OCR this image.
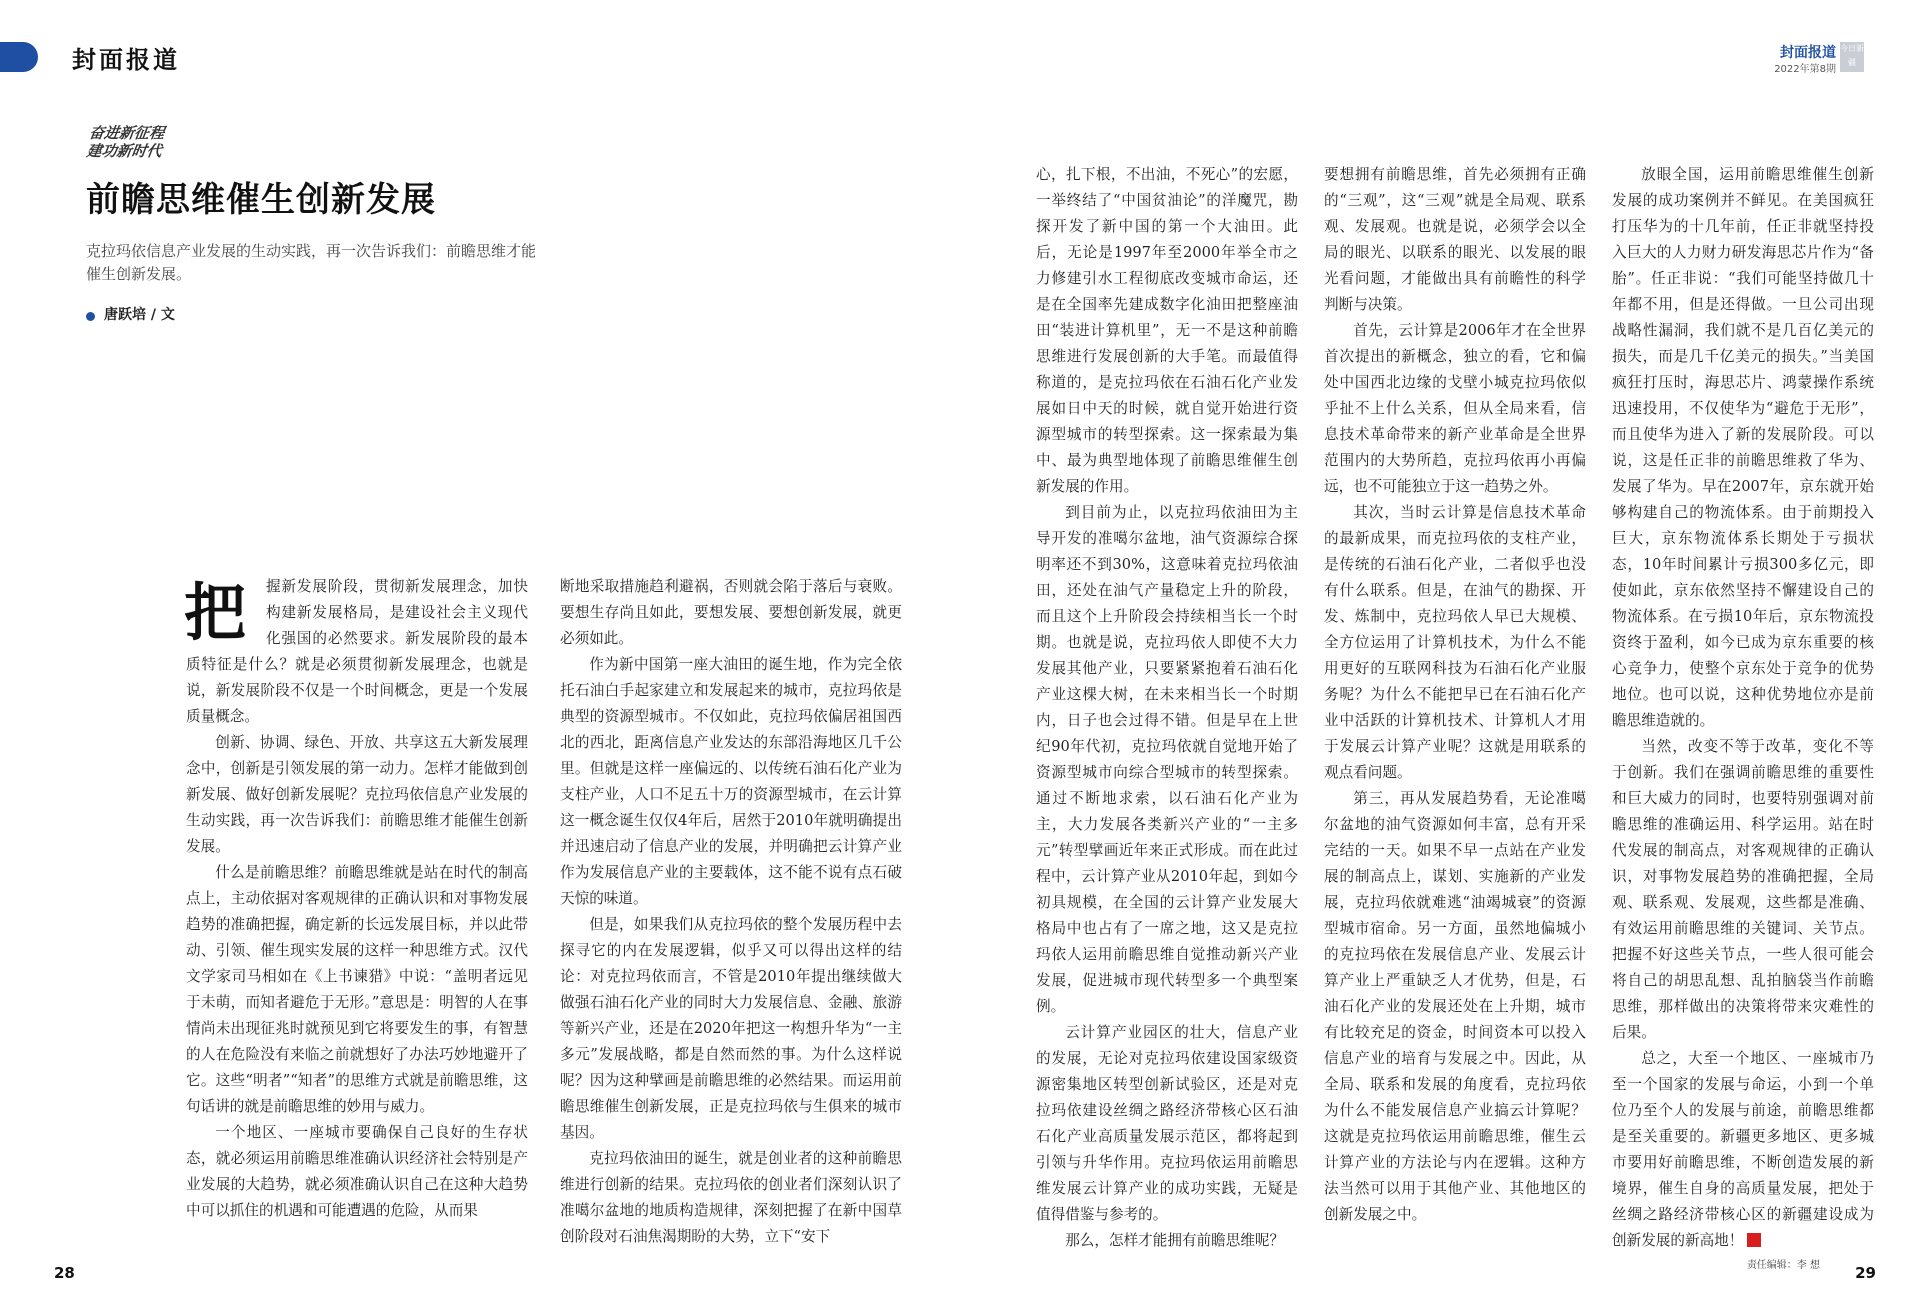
封面报道	封面报道
2022年第8期
今日新疆
奋进新征程
建功新时代
前瞻思维催生创新发展
克拉玛依信息产业发展的生动实践，再一次告诉我们：前瞻思维才能催生创新发展。
唐跃培 / 文
把	握新发展阶段，贯彻新发展理念，加快构建新发展格局，是建设社会主义现代化强国的必然要求。新发展阶段的最本质特征是什么？就是必须贯彻新发展理念，也就是说，新发展阶段不仅是一个时间概念，更是一个发展质量概念。

创新、协调、绿色、开放、共享这五大新发展理念中，创新是引领发展的第一动力。怎样才能做到创新发展、做好创新发展呢？克拉玛依信息产业发展的生动实践，再一次告诉我们：前瞻思维才能催生创新发展。

什么是前瞻思维？前瞻思维就是站在时代的制高点上，主动依据对客观规律的正确认识和对事物发展趋势的准确把握，确定新的长远发展目标，并以此带动、引领、催生现实发展的这样一种思维方式。汉代文学家司马相如在《上书谏猎》中说：“盖明者远见于未萌，而知者避危于无形。”意思是：明智的人在事情尚未出现征兆时就预见到它将要发生的事，有智慧的人在危险没有来临之前就想好了办法巧妙地避开了它。这些“明者”“知者”的思维方式就是前瞻思维，这句话讲的就是前瞻思维的妙用与威力。

一个地区、一座城市要确保自己良好的生存状态，就必须运用前瞻思维准确认识经济社会特别是产业发展的大趋势，就必须准确认识自己在这种大趋势中可以抓住的机遇和可能遭遇的危险，从而果

断地采取措施趋利避祸，否则就会陷于落后与衰败。要想生存尚且如此，要想发展、要想创新发展，就更必须如此。

作为新中国第一座大油田的诞生地，作为完全依托石油白手起家建立和发展起来的城市，克拉玛依是典型的资源型城市。不仅如此，克拉玛依偏居祖国西北的西北，距离信息产业发达的东部沿海地区几千公里。但就是这样一座偏远的、以传统石油石化产业为支柱产业，人口不足五十万的资源型城市，在云计算这一概念诞生仅仅4年后，居然于2010年就明确提出并迅速启动了信息产业的发展，并明确把云计算产业作为发展信息产业的主要载体，这不能不说有点石破天惊的味道。

但是，如果我们从克拉玛依的整个发展历程中去探寻它的内在发展逻辑，似乎又可以得出这样的结论：对克拉玛依而言，不管是2010年提出继续做大做强石油石化产业的同时大力发展信息、金融、旅游等新兴产业，还是在2020年把这一构想升华为“一主多元”发展战略，都是自然而然的事。为什么这样说呢？因为这种擘画是前瞻思维的必然结果。而运用前瞻思维催生创新发展，正是克拉玛依与生俱来的城市基因。

克拉玛依油田的诞生，就是创业者的这种前瞻思维进行创新的结果。克拉玛依的创业者们深刻认识了准噶尔盆地的地质构造规律，深刻把握了在新中国草创阶段对石油焦渴期盼的大势，立下“安下

心，扎下根，不出油，不死心”的宏愿，一举终结了“中国贫油论”的洋魔咒，勘探开发了新中国的第一个大油田。此后，无论是1997年至2000年举全市之力修建引水工程彻底改变城市命运，还是在全国率先建成数字化油田把整座油田“装进计算机里”，无一不是这种前瞻思维进行发展创新的大手笔。而最值得称道的，是克拉玛依在石油石化产业发展如日中天的时候，就自觉开始进行资源型城市的转型探索。这一探索最为集中、最为典型地体现了前瞻思维催生创新发展的作用。

到目前为止，以克拉玛依油田为主导开发的准噶尔盆地，油气资源综合探明率还不到30%，这意味着克拉玛依油田，还处在油气产量稳定上升的阶段，而且这个上升阶段会持续相当长一个时期。也就是说，克拉玛依人即使不大力发展其他产业，只要紧紧抱着石油石化产业这棵大树，在未来相当长一个时期内，日子也会过得不错。但是早在上世纪90年代初，克拉玛依就自觉地开始了资源型城市向综合型城市的转型探索。通过不断地求索，以石油石化产业为主，大力发展各类新兴产业的“一主多元”转型擘画近年来正式形成。而在此过程中，云计算产业从2010年起，到如今初具规模，在全国的云计算产业发展大格局中也占有了一席之地，这又是克拉玛依人运用前瞻思维自觉推动新兴产业发展，促进城市现代转型多一个典型案例。

云计算产业园区的壮大，信息产业的发展，无论对克拉玛依建设国家级资源密集地区转型创新试验区，还是对克拉玛依建设丝绸之路经济带核心区石油石化产业高质量发展示范区，都将起到引领与升华作用。克拉玛依运用前瞻思维发展云计算产业的成功实践，无疑是值得借鉴与参考的。

那么，怎样才能拥有前瞻思维呢？

要想拥有前瞻思维，首先必须拥有正确的“三观”，这“三观”就是全局观、联系观、发展观。也就是说，必须学会以全局的眼光、以联系的眼光、以发展的眼光看问题，才能做出具有前瞻性的科学判断与决策。

首先，云计算是2006年才在全世界首次提出的新概念，独立的看，它和偏处中国西北边缘的戈壁小城克拉玛依似乎扯不上什么关系，但从全局来看，信息技术革命带来的新产业革命是全世界范围内的大势所趋，克拉玛依再小再偏远，也不可能独立于这一趋势之外。

其次，当时云计算是信息技术革命的最新成果，而克拉玛依的支柱产业，是传统的石油石化产业，二者似乎也没有什么联系。但是，在油气的勘探、开发、炼制中，克拉玛依人早已大规模、全方位运用了计算机技术，为什么不能用更好的互联网科技为石油石化产业服务呢？为什么不能把早已在石油石化产业中活跃的计算机技术、计算机人才用于发展云计算产业呢？这就是用联系的观点看问题。

第三，再从发展趋势看，无论准噶尔盆地的油气资源如何丰富，总有开采完结的一天。如果不早一点站在产业发展的制高点上，谋划、实施新的产业发展，克拉玛依就难逃“油竭城衰”的资源型城市宿命。另一方面，虽然地偏城小的克拉玛依在发展信息产业、发展云计算产业上严重缺乏人才优势，但是，石油石化产业的发展还处在上升期，城市有比较充足的资金，时间资本可以投入信息产业的培育与发展之中。因此，从全局、联系和发展的角度看，克拉玛依为什么不能发展信息产业搞云计算呢？这就是克拉玛依运用前瞻思维，催生云计算产业的方法论与内在逻辑。这种方法当然可以用于其他产业、其他地区的创新发展之中。

放眼全国，运用前瞻思维催生创新发展的成功案例并不鲜见。在美国疯狂打压华为的十几年前，任正非就坚持投入巨大的人力财力研发海思芯片作为“备胎”。任正非说：“我们可能坚持做几十年都不用，但是还得做。一旦公司出现战略性漏洞，我们就不是几百亿美元的损失，而是几千亿美元的损失。”当美国疯狂打压时，海思芯片、鸿蒙操作系统迅速投用，不仅使华为“避危于无形”，而且使华为进入了新的发展阶段。可以说，这是任正非的前瞻思维救了华为、发展了华为。早在2007年，京东就开始够构建自己的物流体系。由于前期投入巨大，京东物流体系长期处于亏损状态，10年时间累计亏损300多亿元，即使如此，京东依然坚持不懈建设自己的物流体系。在亏损10年后，京东物流投资终于盈利，如今已成为京东重要的核心竞争力，使整个京东处于竞争的优势地位。也可以说，这种优势地位亦是前瞻思维造就的。

当然，改变不等于改革，变化不等于创新。我们在强调前瞻思维的重要性和巨大威力的同时，也要特别强调对前瞻思维的准确运用、科学运用。站在时代发展的制高点，对客观规律的正确认识，对事物发展趋势的准确把握，全局观、联系观、发展观，这些都是准确、有效运用前瞻思维的关键词、关节点。把握不好这些关节点，一些人很可能会将自己的胡思乱想、乱拍脑袋当作前瞻思维，那样做出的决策将带来灾难性的后果。

总之，大至一个地区、一座城市乃至一个国家的发展与命运，小到一个单位乃至个人的发展与前途，前瞻思维都是至关重要的。新疆更多地区、更多城市要用好前瞻思维，不断创造发展的新境界，催生自身的高质量发展，把处于丝绸之路经济带核心区的新疆建设成为创新发展的新高地！

28	29
责任编辑：李 想
